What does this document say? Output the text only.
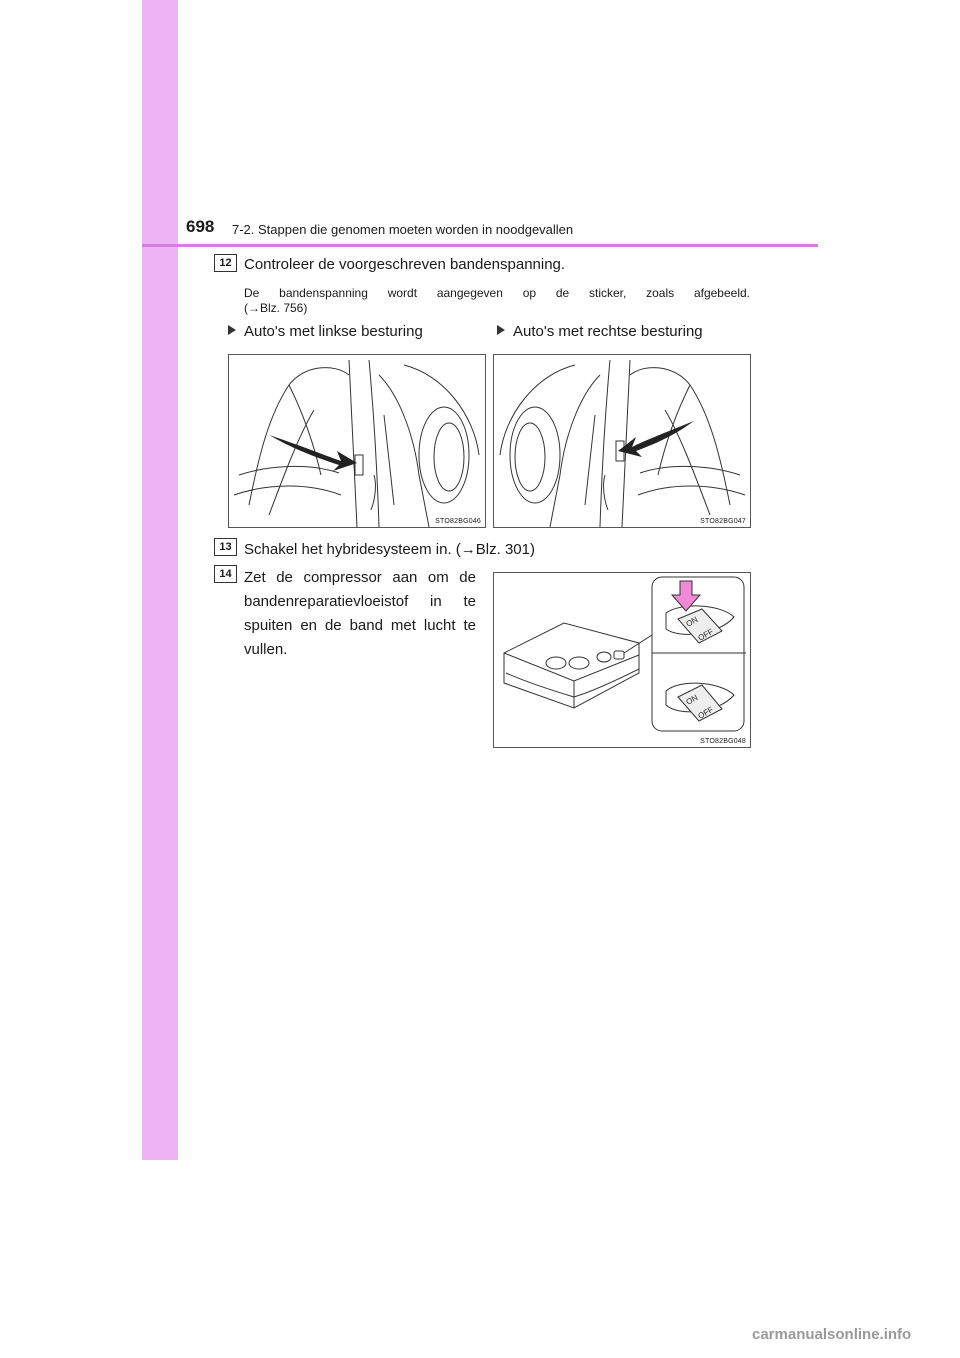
698 7-2. Stappen die genomen moeten worden in noodgevallen
12 Controleer de voorgeschreven bandenspanning.
De bandenspanning wordt aangegeven op de sticker, zoals afgebeeld.
(→Blz. 756)
Auto's met linkse besturing	Auto's met rechtse besturing
STO82BG046	STO82BG047
13 Schakel het hybridesysteem in. (→Blz. 301)
14 Zet de compressor aan om de bandenreparatievloeistof in te spuiten en de band met lucht te vullen.
ON
OFF
ON
OFF
STO82BG048
carmanualsonline.info
